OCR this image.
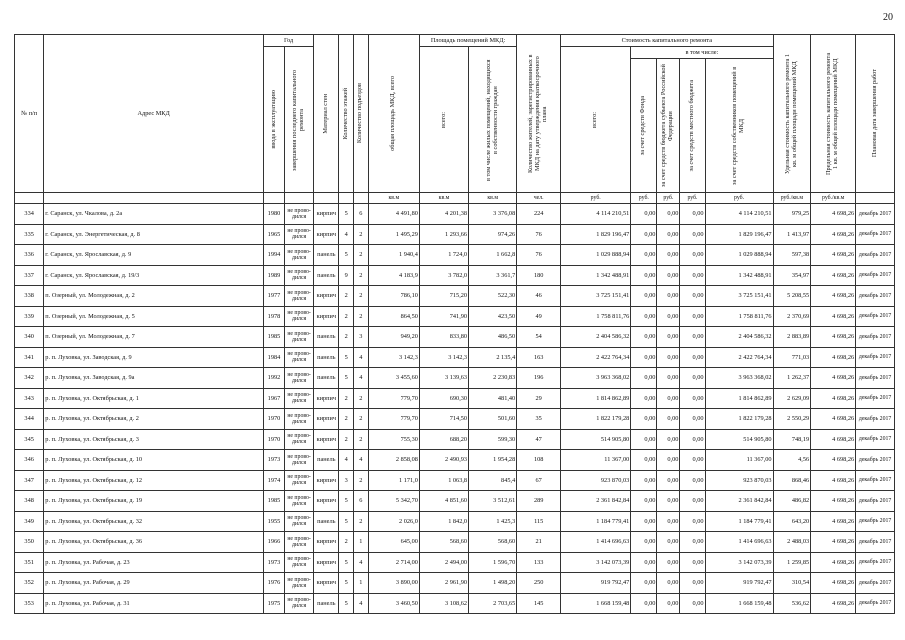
20
№ п/п	Адрес МКД	Год		Материал стен	Количество этажей	Количество подъездов	общая площадь МКД, всего	Площадь помещений МКД:		Количество жителей, зарегистрированных в МКД на дату утверждения краткосрочного плана	Стоимость капитального ремонта					Удельная стоимость капитального ремонта 1 кв. м общей площади помещений МКД	Предельная стоимость капитального ремонта 1 кв. м общей площади помещений МКД	Плановая дата завершения работ

		ввода в эксплуатацию	завершения последнего капитального ремонта					всего:	в том числе жилых помещений, находящихся в собственности граждан		всего:	в том числе:						

												за счет средств Фонда	за счет средств бюджета субъекта Российской Федерации	за счет средств местного бюджета	за счет средств собственников помещений в МКД			

							кв.м	кв.м	кв.м	чел.	руб.	руб.	руб.	руб.	руб.	руб./кв.м	руб./кв.м	
334	г. Саранск, ул. Чкалова, д. 2а	1980	не прово-дился	кирпич	5	6	4 491,80	4 201,38	3 376,08	224	4 114 210,51	0,00	0,00	0,00	4 114 210,51	979,25	4 698,26	декабрь 2017
335	г. Саранск, ул. Энергетическая, д. 8	1965	не прово-дился	кирпич	4	2	1 495,29	1 293,66	974,26	76	1 829 196,47	0,00	0,00	0,00	1 829 196,47	1 413,97	4 698,26	декабрь 2017
336	г. Саранск, ул. Ярославская, д. 9	1994	не прово-дился	панель	5	2	1 940,4	1 724,0	1 662,8	76	1 029 888,94	0,00	0,00	0,00	1 029 888,94	597,38	4 698,26	декабрь 2017
337	г. Саранск, ул. Ярославская, д. 19/3	1989	не прово-дился	панель	9	2	4 183,9	3 782,0	3 361,7	180	1 342 488,91	0,00	0,00	0,00	1 342 488,91	354,97	4 698,26	декабрь 2017
338	п. Озерный, ул. Молодежная, д. 2	1977	не прово-дился	кирпич	2	2	786,10	715,20	522,30	46	3 725 151,41	0,00	0,00	0,00	3 725 151,41	5 208,55	4 698,26	декабрь 2017
339	п. Озерный, ул. Молодежная, д. 5	1978	не прово-дился	кирпич	2	2	864,50	741,90	423,50	49	1 758 811,76	0,00	0,00	0,00	1 758 811,76	2 370,69	4 698,26	декабрь 2017
340	п. Озерный, ул. Молодежная, д. 7	1985	не прово-дился	панель	2	3	949,20	833,80	486,50	54	2 404 586,32	0,00	0,00	0,00	2 404 586,32	2 883,89	4 698,26	декабрь 2017
341	р. п. Луховка, ул. Заводская, д. 9	1984	не прово-дился	панель	5	4	3 142,3	3 142,3	2 135,4	163	2 422 764,34	0,00	0,00	0,00	2 422 764,34	771,03	4 698,26	декабрь 2017
342	р. п. Луховка, ул. Заводская, д. 9а	1992	не прово-дился	панель	5	4	3 455,60	3 139,63	2 230,83	196	3 963 368,02	0,00	0,00	0,00	3 963 368,02	1 262,37	4 698,26	декабрь 2017
343	р. п. Луховка, ул. Октябрьская, д. 1	1967	не прово-дился	кирпич	2	2	779,70	690,30	481,40	29	1 814 862,89	0,00	0,00	0,00	1 814 862,89	2 629,09	4 698,26	декабрь 2017
344	р. п. Луховка, ул. Октябрьская, д. 2	1970	не прово-дился	кирпич	2	2	779,70	714,50	501,60	35	1 822 179,28	0,00	0,00	0,00	1 822 179,28	2 550,29	4 698,26	декабрь 2017
345	р. п. Луховка, ул. Октябрьская, д. 3	1970	не прово-дился	кирпич	2	2	755,30	688,20	599,30	47	514 905,80	0,00	0,00	0,00	514 905,80	748,19	4 698,26	декабрь 2017
346	р. п. Луховка, ул. Октябрьская, д. 10	1973	не прово-дился	панель	4	4	2 858,08	2 490,93	1 954,28	108	11 367,00	0,00	0,00	0,00	11 367,00	4,56	4 698,26	декабрь 2017
347	р. п. Луховка, ул. Октябрьская, д. 12	1974	не прово-дился	кирпич	3	2	1 171,0	1 063,8	845,4	67	923 870,03	0,00	0,00	0,00	923 870,03	868,46	4 698,26	декабрь 2017
348	р. п. Луховка, ул. Октябрьская, д. 19	1985	не прово-дился	кирпич	5	6	5 342,70	4 851,60	3 512,61	289	2 361 842,84	0,00	0,00	0,00	2 361 842,84	486,82	4 698,26	декабрь 2017
349	р. п. Луховка, ул. Октябрьская, д. 32	1955	не прово-дился	панель	5	2	2 026,0	1 842,0	1 425,3	115	1 184 779,41	0,00	0,00	0,00	1 184 779,41	643,20	4 698,26	декабрь 2017
350	р. п. Луховка, ул. Октябрьская, д. 36	1966	не прово-дился	кирпич	2	1	645,00	568,60	568,60	21	1 414 696,63	0,00	0,00	0,00	1 414 696,63	2 488,03	4 698,26	декабрь 2017
351	р. п. Луховка, ул. Рабочая, д. 23	1973	не прово-дился	кирпич	5	4	2 714,00	2 494,00	1 596,70	133	3 142 073,39	0,00	0,00	0,00	3 142 073,39	1 259,85	4 698,26	декабрь 2017
352	р. п. Луховка, ул. Рабочая, д. 29	1976	не прово-дился	кирпич	5	1	3 890,00	2 961,90	1 498,20	250	919 792,47	0,00	0,00	0,00	919 792,47	310,54	4 698,26	декабрь 2017
353	р. п. Луховка, ул. Рабочая, д. 31	1975	не прово-дился	панель	5	4	3 460,50	3 108,62	2 703,65	145	1 668 159,48	0,00	0,00	0,00	1 668 159,48	536,62	4 698,26	декабрь 2017
